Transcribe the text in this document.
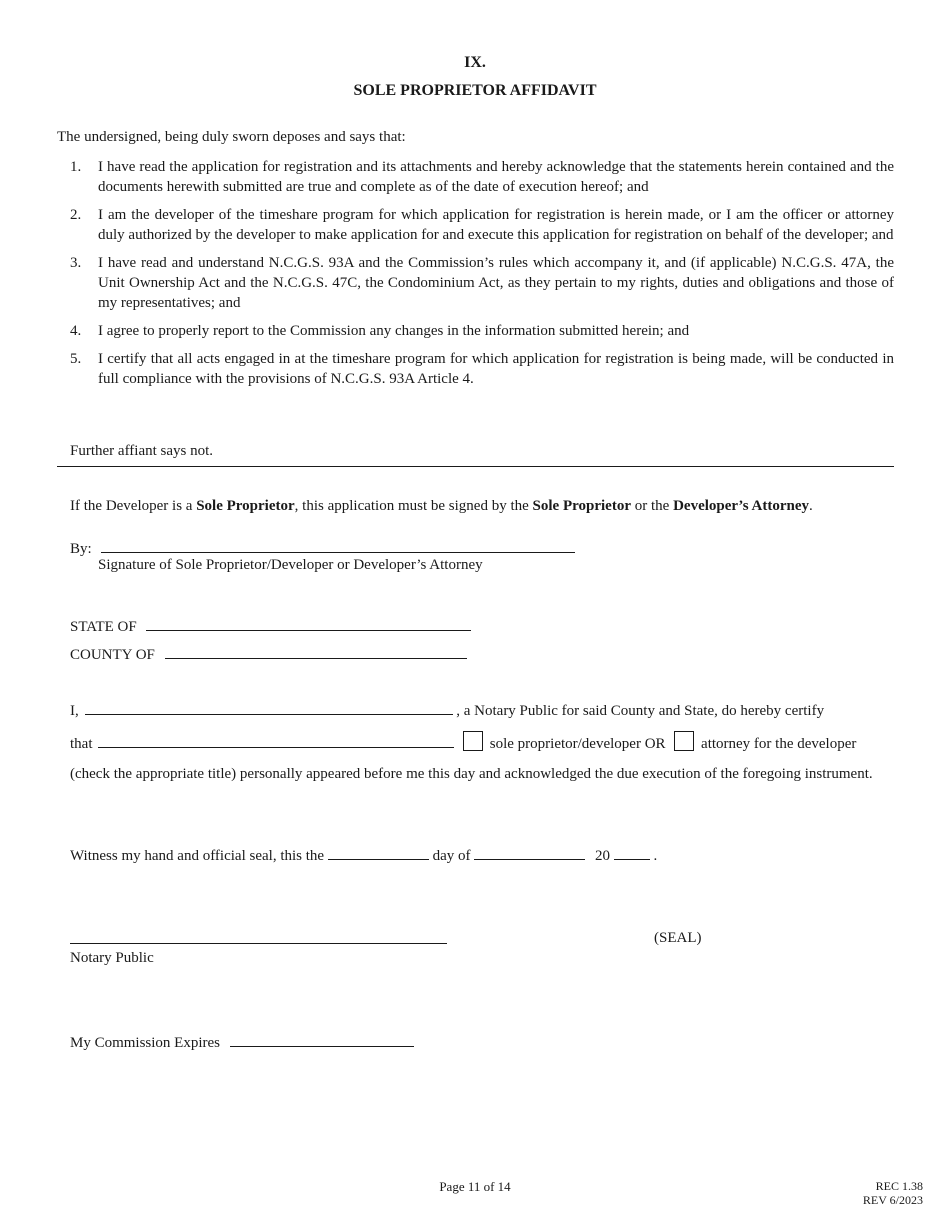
IX.
SOLE PROPRIETOR AFFIDAVIT
The undersigned, being duly sworn deposes and says that:
1.	I have read the application for registration and its attachments and hereby acknowledge that the statements herein contained and the documents herewith submitted are true and complete as of the date of execution hereof; and
2.	I am the developer of the timeshare program for which application for registration is herein made, or I am the officer or attorney duly authorized by the developer to make application for and execute this application for registration on behalf of the developer; and
3.	I have read and understand N.C.G.S. 93A and the Commission’s rules which accompany it, and (if applicable) N.C.G.S. 47A, the Unit Ownership Act and the N.C.G.S. 47C, the Condominium Act, as they pertain to my rights, duties and obligations and those of my representatives; and
4.	I agree to properly report to the Commission any changes in the information submitted herein; and
5.	I certify that all acts engaged in at the timeshare program for which application for registration is being made, will be conducted in full compliance with the provisions of N.C.G.S. 93A Article 4.
Further affiant says not.
If the Developer is a Sole Proprietor, this application must be signed by the Sole Proprietor or the Developer’s Attorney.
By:
Signature of Sole Proprietor/Developer or Developer’s Attorney
STATE OF
COUNTY OF
I,	, a Notary Public for said County and State, do hereby certify
that	sole proprietor/developer OR attorney for the developer
(check the appropriate title) personally appeared before me this day and acknowledged the due execution of the foregoing instrument.
Witness my hand and official seal, this the	day of	20	.
Notary Public
(SEAL)
My Commission Expires
Page 11 of 14	REC 1.38
REV 6/2023
